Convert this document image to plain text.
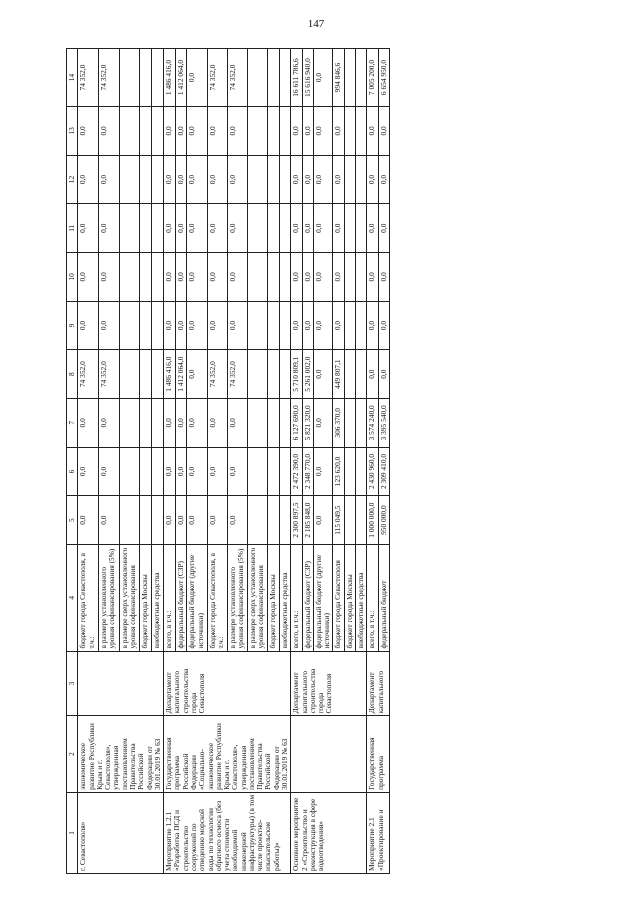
147
1	2	3	4	5	6	7	8	9	10	11	12	13	14
г. Севастополя»	экономическое развитие Республики Крым и г. Севастополя», утвержденная постановлением Правительства Российской Федерации от 30.01.2019 № 63		бюджет города Севастополя, в т.ч.:	0,0	0,0	0,0	74 352,0	0,0	0,0	0,0	0,0	0,0	74 352,0
			в размере установленного уровня софинансирования (5%)	0,0	0,0	0,0	74 352,0	0,0	0,0	0,0	0,0	0,0	74 352,0
			в размере сверх установленного уровня софинансирования										
			бюджет города Москвы										
			внебюджетные средства										
Мероприятие 1.2.1 «Разработка ПСД и строительство сооружений по отведению морской воды по технологии обратного осмоса (без учета стоимости необходимой инженерной инфраструктуры) (в том числе проектно-изыскательские работы)»	Государственная программа Российской Федерации «Социально-экономическое развитие Республики Крым и г. Севастополя», утвержденная постановлением Правительства Российской Федерации от 30.01.2019 № 63	Департамент капитального строительства города Севастополя	всего, в т.ч.:	0,0	0,0	0,0	1 486 416,0	0,0	0,0	0,0	0,0	0,0	1 486 416,0
			федеральный бюджет (СЗР)	0,0	0,0	0,0	1 412 064,0	0,0	0,0	0,0	0,0	0,0	1 412 064,0
			федеральный бюджет (другие источники)	0,0	0,0	0,0	0,0	0,0	0,0	0,0	0,0	0,0	0,0
			бюджет города Севастополя, в т.ч.:	0,0	0,0	0,0	74 352,0	0,0	0,0	0,0	0,0	0,0	74 352,0
			в размере установленного уровня софинансирования (5%)	0,0	0,0	0,0	74 352,0	0,0	0,0	0,0	0,0	0,0	74 352,0
			в размере сверх установленного уровня софинансирования										
			бюджет города Москвы										
			внебюджетные средства										
Основное мероприятие 2 «Строительство и реконструкция в сфере водоотведения»		Департамент капитального строительства города Севастополя	всего, в т.ч.:	2 300 897,5	2 472 390,0	6 127 690,0	5 710 809,1	0,0	0,0	0,0	0,0	0,0	16 611 786,6
			федеральный бюджет (СЗР)	2 185 848,0	2 348 770,0	5 821 320,0	5 261 002,0	0,0	0,0	0,0	0,0	0,0	15 616 940,0
			федеральный бюджет (другие источники)	0,0	0,0	0,0	0,0	0,0	0,0	0,0	0,0	0,0	0,0
			бюджет города Севастополя	115 049,5	123 620,0	306 370,0	449 807,1	0,0	0,0	0,0	0,0	0,0	994 846,6
			бюджет города Москвы										
			внебюджетные средства										
Мероприятие 2.1 «Проектирование и	Государственная программа	Департамент капитального	всего, в т.ч.:	1 000 000,0	2 430 960,0	3 574 240,0	0,0	0,0	0,0	0,0	0,0	0,0	7 005 200,0
			федеральный бюджет	950 000,0	2 309 410,0	3 395 540,0	0,0	0,0	0,0	0,0	0,0	0,0	6 654 950,0
